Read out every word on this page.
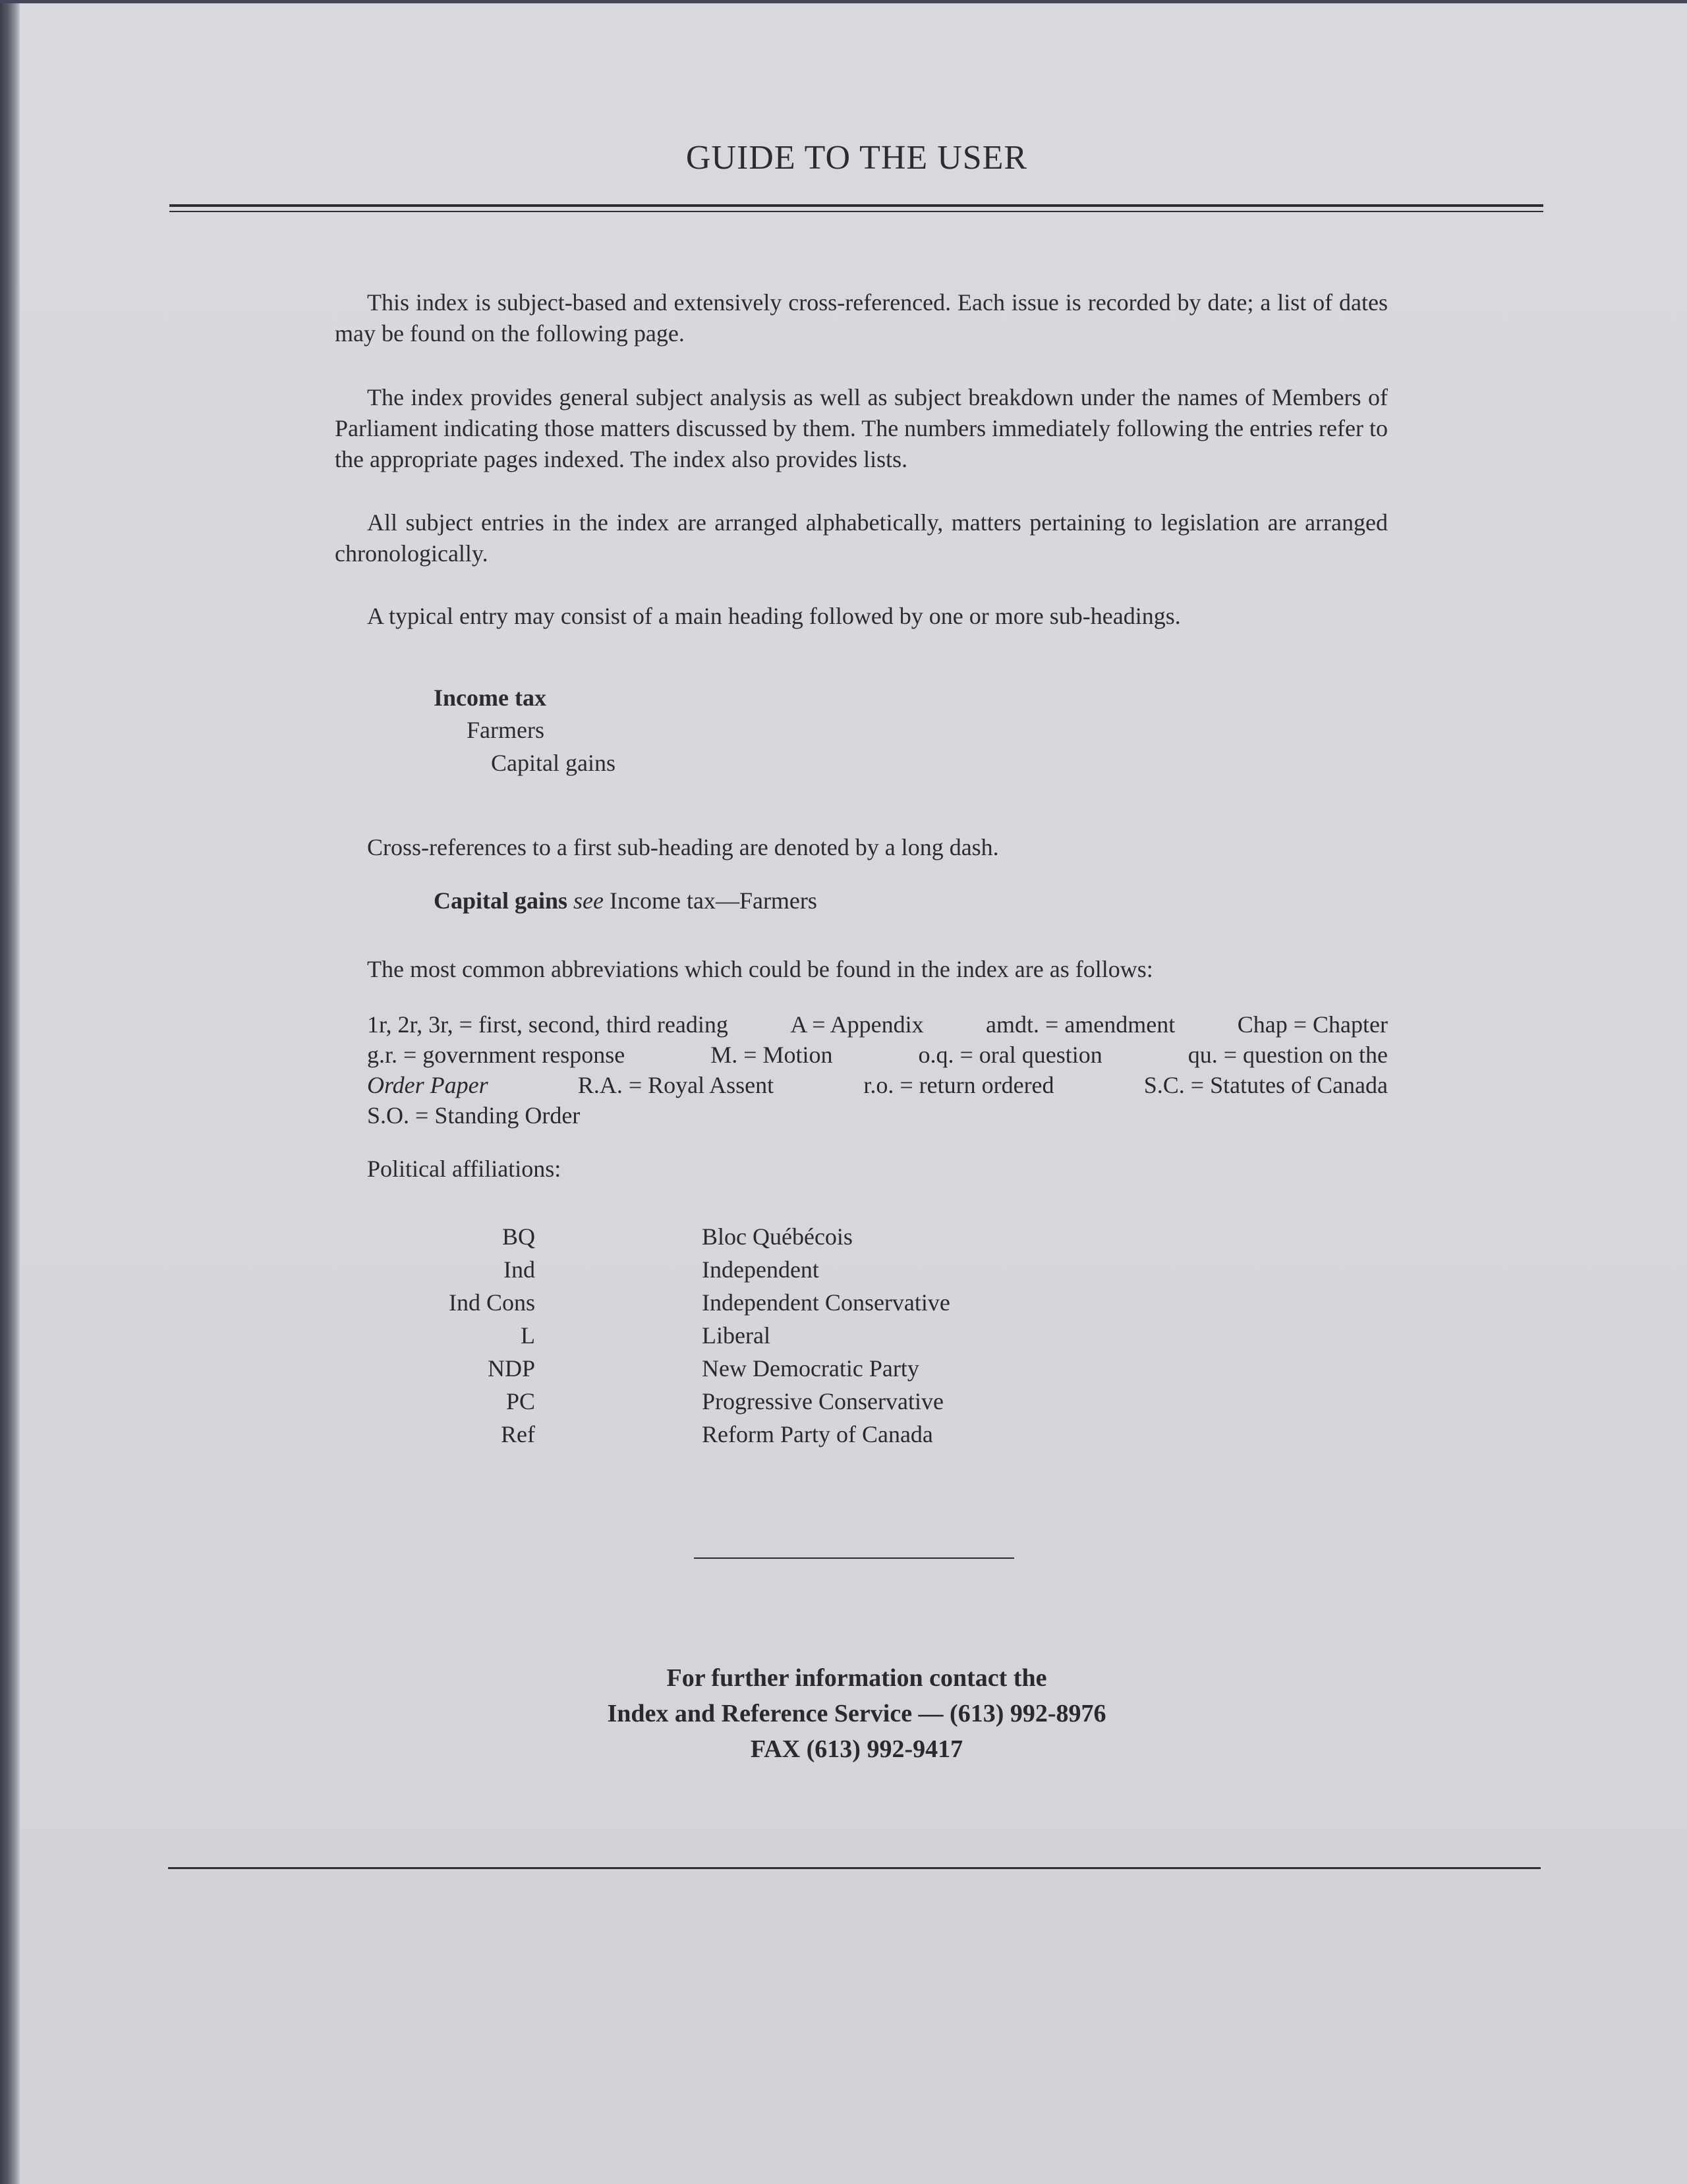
GUIDE TO THE USER
This index is subject-based and extensively cross-referenced. Each issue is recorded by date; a list of dates may be found on the following page.
The index provides general subject analysis as well as subject breakdown under the names of Members of Parliament indicating those matters discussed by them. The numbers immediately following the entries refer to the appropriate pages indexed. The index also provides lists.
All subject entries in the index are arranged alphabetically, matters pertaining to legislation are arranged chronologically.
A typical entry may consist of a main heading followed by one or more sub-headings.
Income tax
Farmers
Capital gains
Cross-references to a first sub-heading are denoted by a long dash.
Capital gains see Income tax—Farmers
The most common abbreviations which could be found in the index are as follows:
1r, 2r, 3r, = first, second, third reading	A = Appendix	amdt. = amendment	Chap = Chapter
g.r. = government response	M. = Motion	o.q. = oral question	qu. = question on the
Order Paper	R.A. = Royal Assent	r.o. = return ordered	S.C. = Statutes of Canada
S.O. = Standing Order
Political affiliations:
BQ	Bloc Québécois
Ind	Independent
Ind Cons	Independent Conservative
L	Liberal
NDP	New Democratic Party
PC	Progressive Conservative
Ref	Reform Party of Canada
For further information contact the
Index and Reference Service — (613) 992-8976
FAX (613) 992-9417
